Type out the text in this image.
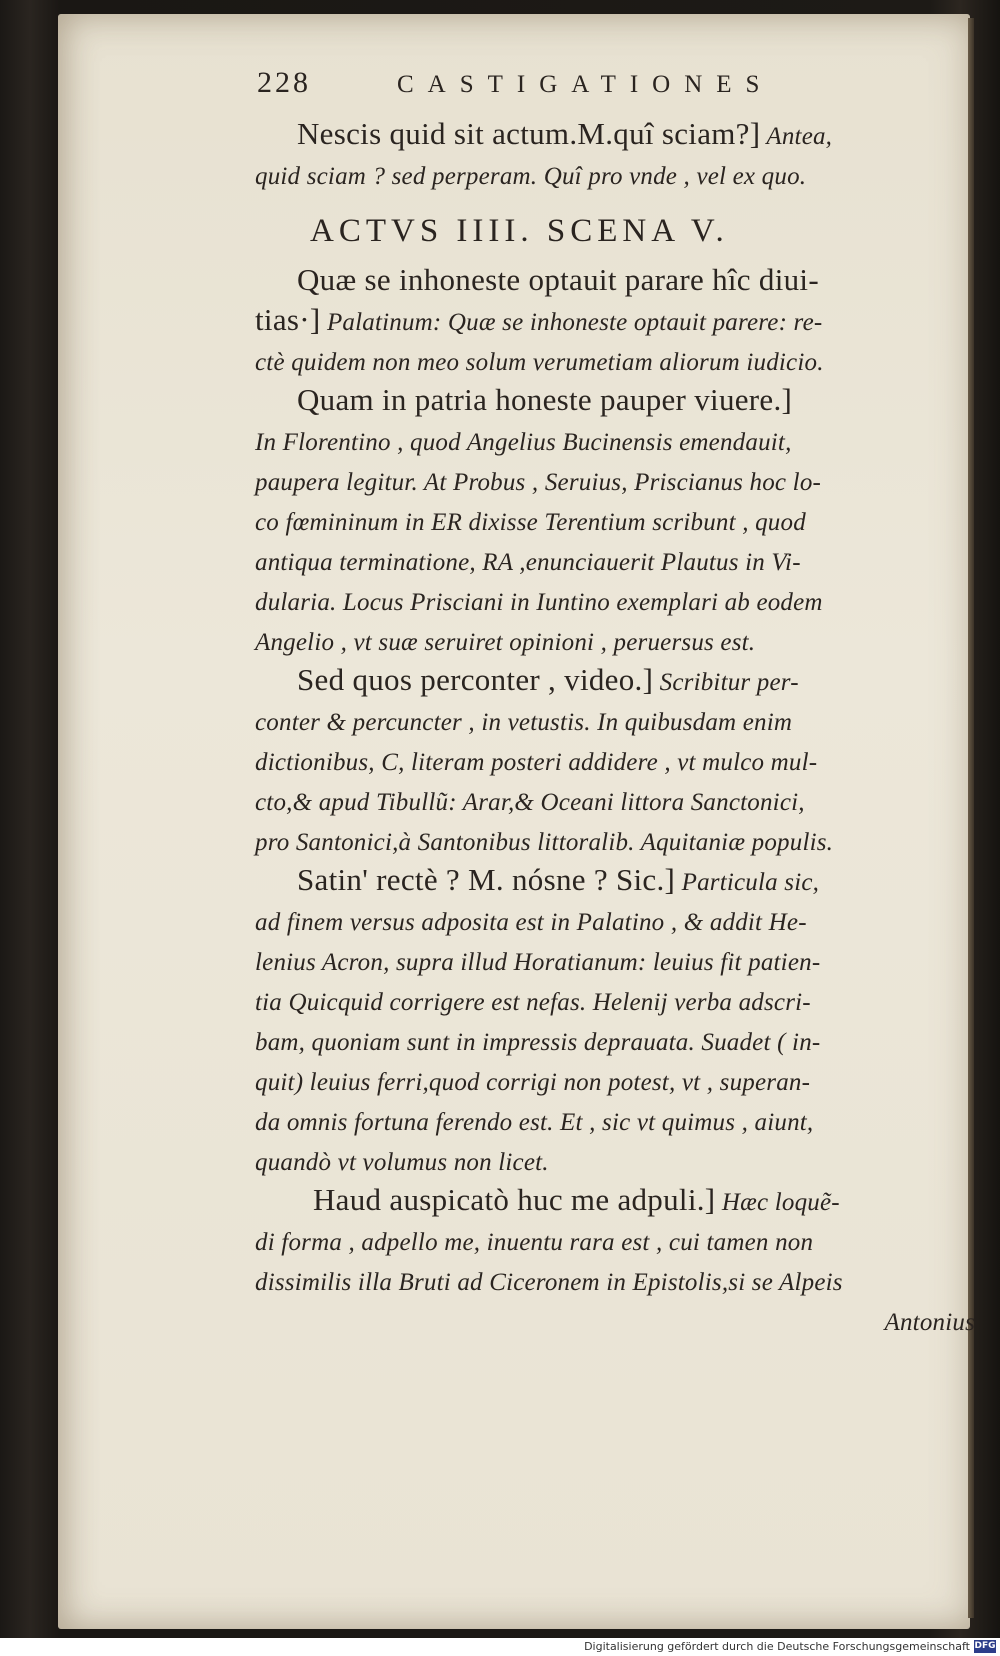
228	CASTIGATIONES
Nescis quid sit actum.M.quî sciam?] Antea,
quid sciam ? sed perperam. Quî pro vnde , vel ex quo.
ACTVS IIII. SCENA V.
Quæ se inhoneste optauit parare hîc diui-
tias·] Palatinum: Quæ se inhoneste optauit parere: re-
ctè quidem non meo solum verumetiam aliorum iudicio.
Quam in patria honeste pauper viuere.]
In Florentino , quod Angelius Bucinensis emendauit,
paupera legitur. At Probus , Seruius, Priscianus hoc lo-
co fœmininum in ER dixisse Terentium scribunt , quod
antiqua terminatione, RA ,enunciauerit Plautus in Vi-
dularia. Locus Prisciani in Iuntino exemplari ab eodem
Angelio , vt suæ seruiret opinioni , peruersus est.
Sed quos perconter , video.] Scribitur per-
conter & percuncter , in vetustis. In quibusdam enim
dictionibus, C, literam posteri addidere , vt mulco mul-
cto,& apud Tibullũ: Arar,& Oceani littora Sanctonici,
pro Santonici,à Santonibus littoralib. Aquitaniæ populis.
Satin' rectè ? M. nósne ? Sic.] Particula sic,
ad finem versus adposita est in Palatino , & addit He-
lenius Acron, supra illud Horatianum: leuius fit patien-
tia Quicquid corrigere est nefas. Helenij verba adscri-
bam, quoniam sunt in impressis deprauata. Suadet ( in-
quit) leuius ferri,quod corrigi non potest, vt , superan-
da omnis fortuna ferendo est. Et , sic vt quimus , aiunt,
quandò vt volumus non licet.
Haud auspicatò huc me adpuli.] Hæc loquẽ-
di forma , adpello me, inuentu rara est , cui tamen non
dissimilis illa Bruti ad Ciceronem in Epistolis,si se Alpeis
Antonius
Digitalisierung gefördert durch die Deutsche Forschungsgemeinschaft DFG
